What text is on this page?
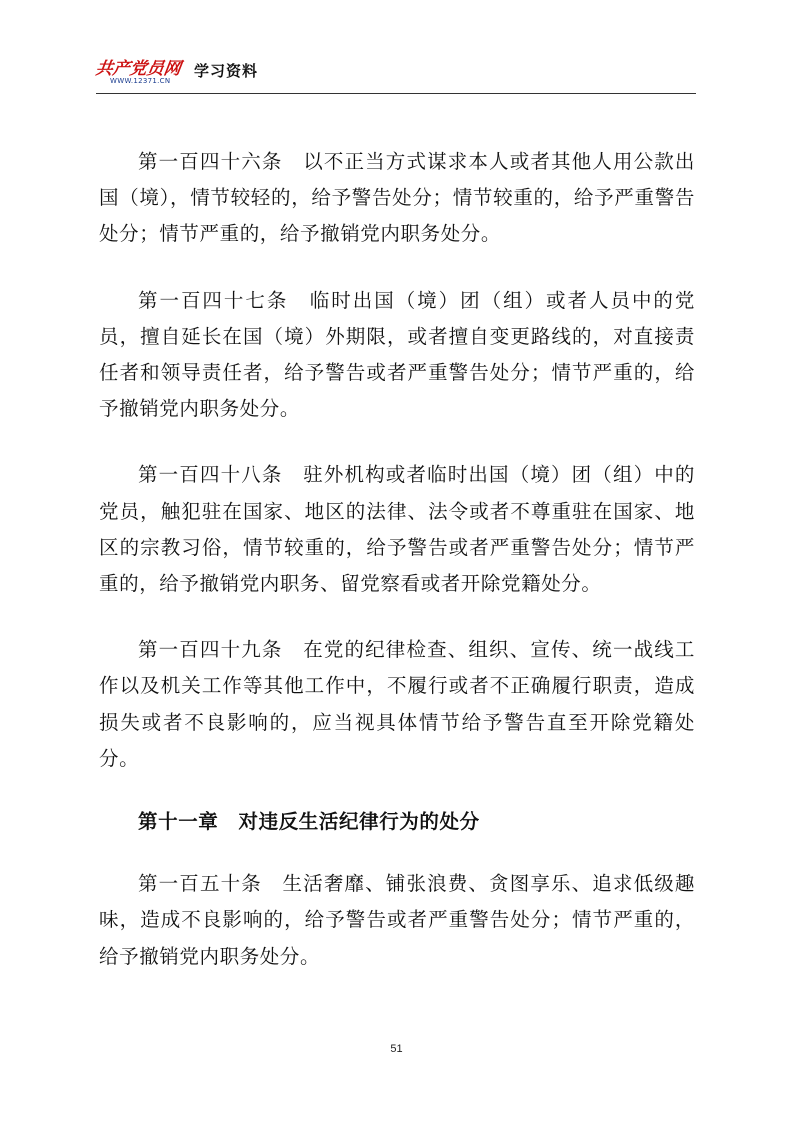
共产党员网
WWW.12371.CN
学习资料

第一百四十六条　以不正当方式谋求本人或者其他人用公款出国（境），情节较轻的，给予警告处分；情节较重的，给予严重警告处分；情节严重的，给予撤销党内职务处分。

第一百四十七条　临时出国（境）团（组）或者人员中的党员，擅自延长在国（境）外期限，或者擅自变更路线的，对直接责任者和领导责任者，给予警告或者严重警告处分；情节严重的，给予撤销党内职务处分。

第一百四十八条　驻外机构或者临时出国（境）团（组）中的党员，触犯驻在国家、地区的法律、法令或者不尊重驻在国家、地区的宗教习俗，情节较重的，给予警告或者严重警告处分；情节严重的，给予撤销党内职务、留党察看或者开除党籍处分。

第一百四十九条　在党的纪律检查、组织、宣传、统一战线工作以及机关工作等其他工作中，不履行或者不正确履行职责，造成损失或者不良影响的，应当视具体情节给予警告直至开除党籍处分。

第十一章　对违反生活纪律行为的处分

第一百五十条　生活奢靡、铺张浪费、贪图享乐、追求低级趣味，造成不良影响的，给予警告或者严重警告处分；情节严重的，给予撤销党内职务处分。

51
